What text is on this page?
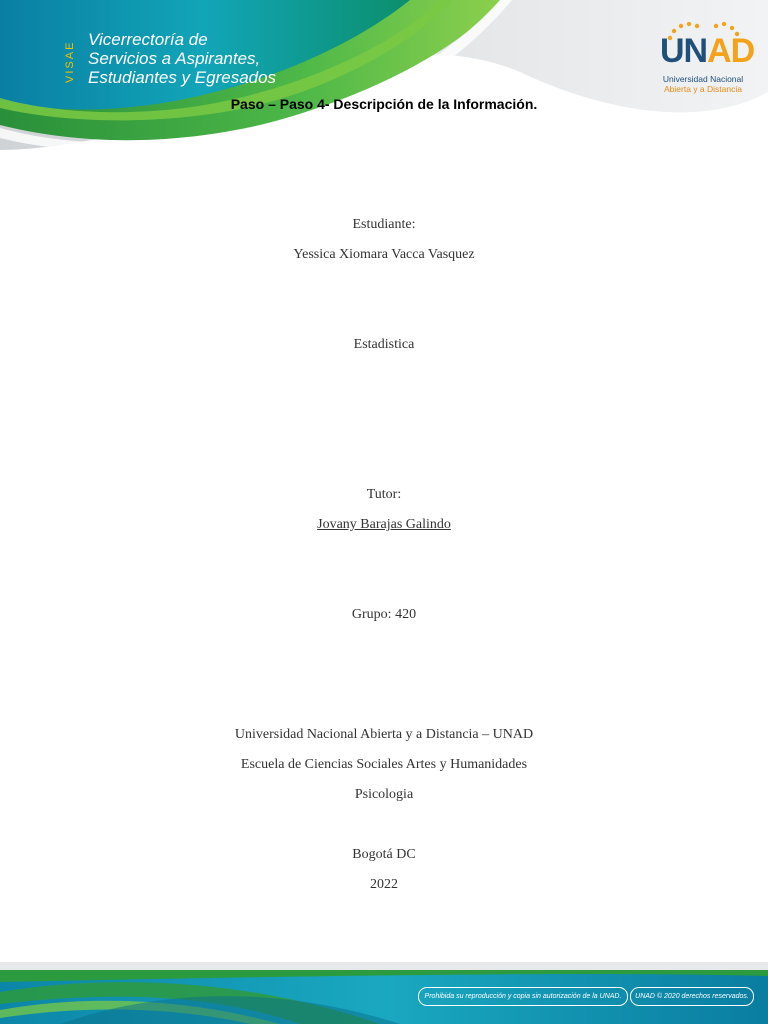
VISAE
Vicerrectoría de
Servicios a Aspirantes,
Estudiantes y Egresados
UNAD
Universidad Nacional
Abierta y a Distancia
Paso – Paso 4- Descripción de la Información.
Estudiante:
Yessica Xiomara Vacca Vasquez
Estadistica
Tutor:
Jovany Barajas Galindo
Grupo: 420
Universidad Nacional Abierta y a Distancia – UNAD
Escuela de Ciencias Sociales Artes y Humanidades
Psicologia
Bogotá DC
2022
Prohibida su reproducción y copia sin autorización de la UNAD.	UNAD © 2020 derechos reservados.
